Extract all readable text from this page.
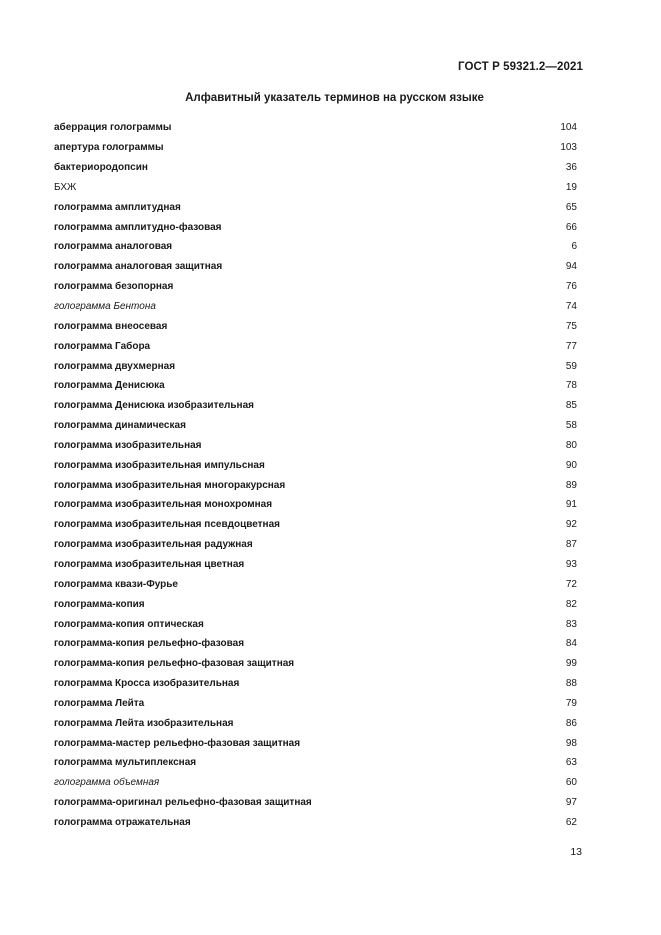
ГОСТ Р 59321.2—2021
Алфавитный указатель терминов на русском языке
аберрация голограммы	104
апертура голограммы	103
бактериородопсин	36
БХЖ	19
голограмма амплитудная	65
голограмма амплитудно-фазовая	66
голограмма аналоговая	6
голограмма аналоговая защитная	94
голограмма безопорная	76
голограмма Бентона	74
голограмма внеосевая	75
голограмма Габора	77
голограмма двухмерная	59
голограмма Денисюка	78
голограмма Денисюка изобразительная	85
голограмма динамическая	58
голограмма изобразительная	80
голограмма изобразительная импульсная	90
голограмма изобразительная многоракурсная	89
голограмма изобразительная монохромная	91
голограмма изобразительная псевдоцветная	92
голограмма изобразительная радужная	87
голограмма изобразительная цветная	93
голограмма квази-Фурье	72
голограмма-копия	82
голограмма-копия оптическая	83
голограмма-копия рельефно-фазовая	84
голограмма-копия рельефно-фазовая защитная	99
голограмма Кросса изобразительная	88
голограмма Лейта	79
голограмма Лейта изобразительная	86
голограмма-мастер рельефно-фазовая защитная	98
голограмма мультиплексная	63
голограмма объемная	60
голограмма-оригинал рельефно-фазовая защитная	97
голограмма отражательная	62
13
